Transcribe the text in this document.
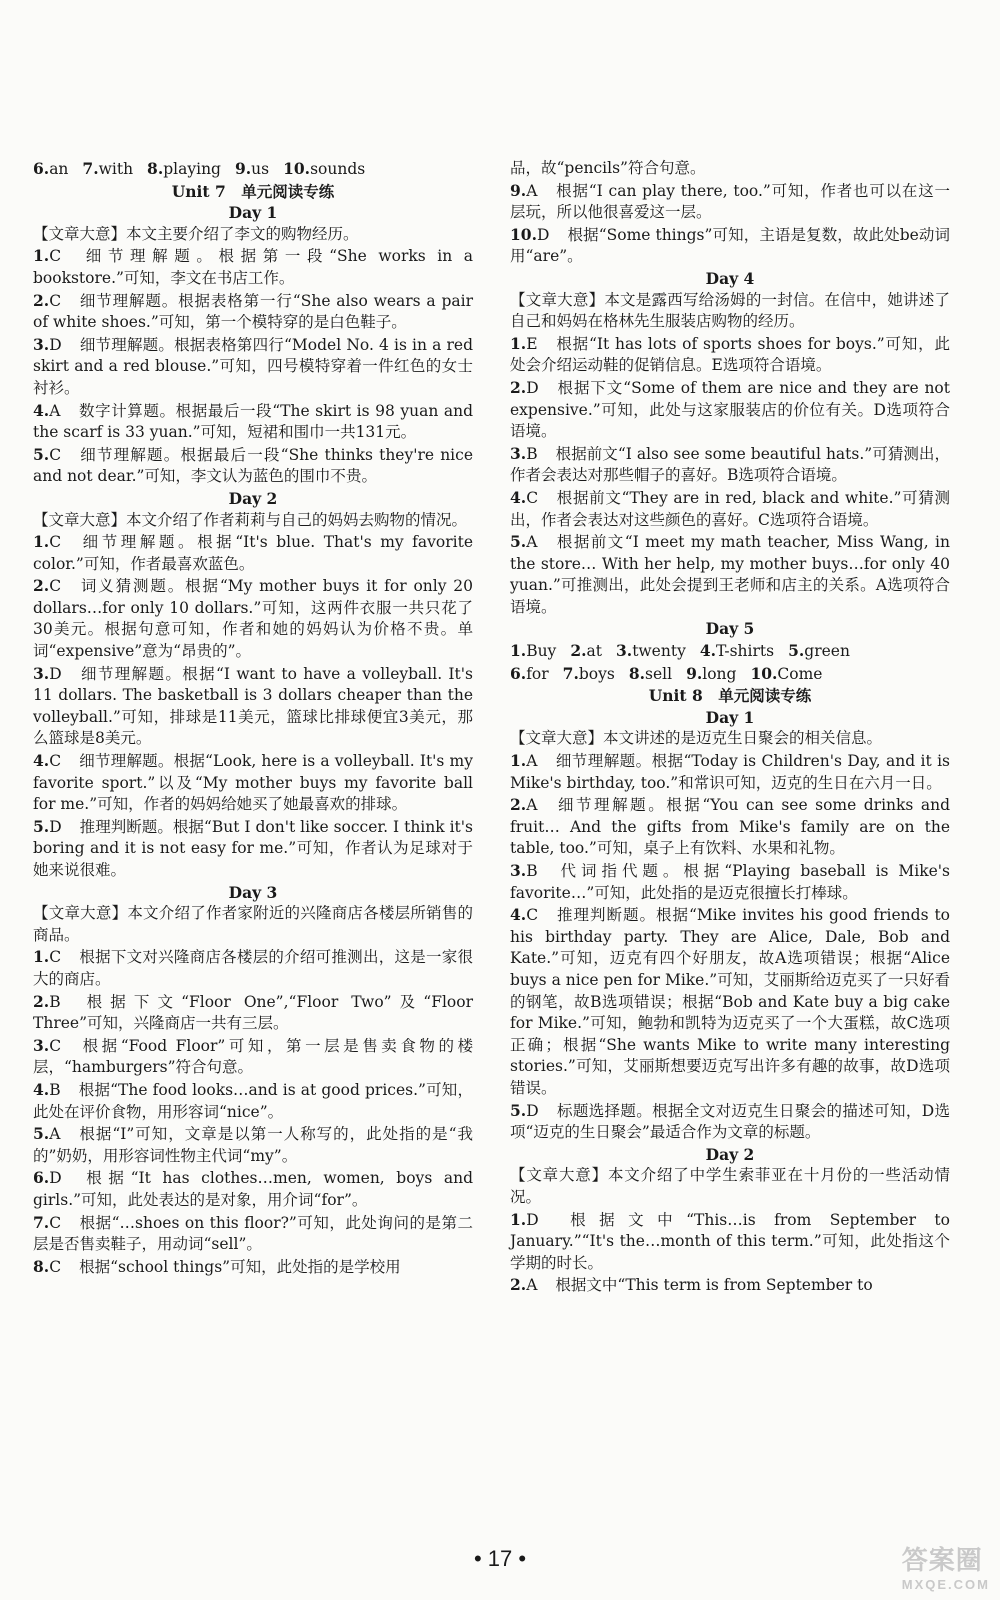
6.an 7.with 8.playing 9.us 10.sounds

Unit 7　单元阅读专练

Day 1

【文章大意】本文主要介绍了李文的购物经历。

1.C 细节理解题。根据第一段“She works in a bookstore.”可知，李文在书店工作。

2.C 细节理解题。根据表格第一行“She also wears a pair of white shoes.”可知，第一个模特穿的是白色鞋子。

3.D 细节理解题。根据表格第四行“Model No. 4 is in a red skirt and a red blouse.”可知，四号模特穿着一件红色的女士衬衫。

4.A 数字计算题。根据最后一段“The skirt is 98 yuan and the scarf is 33 yuan.”可知，短裙和围巾一共131元。

5.C 细节理解题。根据最后一段“She thinks they're nice and not dear.”可知，李文认为蓝色的围巾不贵。

Day 2

【文章大意】本文介绍了作者莉莉与自己的妈妈去购物的情况。

1.C 细节理解题。根据“It's blue. That's my favorite color.”可知，作者最喜欢蓝色。

2.C 词义猜测题。根据“My mother buys it for only 20 dollars…for only 10 dollars.”可知，这两件衣服一共只花了30美元。根据句意可知，作者和她的妈妈认为价格不贵。单词“expensive”意为“昂贵的”。

3.D 细节理解题。根据“I want to have a volleyball. It's 11 dollars. The basketball is 3 dollars cheaper than the volleyball.”可知，排球是11美元，篮球比排球便宜3美元，那么篮球是8美元。

4.C 细节理解题。根据“Look, here is a volleyball. It's my favorite sport.”以及“My mother buys my favorite ball for me.”可知，作者的妈妈给她买了她最喜欢的排球。

5.D 推理判断题。根据“But I don't like soccer. I think it's boring and it is not easy for me.”可知，作者认为足球对于她来说很难。

Day 3

【文章大意】本文介绍了作者家附近的兴隆商店各楼层所销售的商品。

1.C 根据下文对兴隆商店各楼层的介绍可推测出，这是一家很大的商店。

2.B 根据下文“Floor One”,“Floor Two”及“Floor Three”可知，兴隆商店一共有三层。

3.C 根据“Food Floor”可知，第一层是售卖食物的楼层，“hamburgers”符合句意。

4.B 根据“The food looks…and is at good prices.”可知，此处在评价食物，用形容词“nice”。

5.A 根据“I”可知，文章是以第一人称写的，此处指的是“我的”奶奶，用形容词性物主代词“my”。

6.D 根据“It has clothes…men, women, boys and girls.”可知，此处表达的是对象，用介词“for”。

7.C 根据“…shoes on this floor?”可知，此处询问的是第二层是否售卖鞋子，用动词“sell”。

8.C 根据“school things”可知，此处指的是学校用

品，故“pencils”符合句意。

9.A 根据“I can play there, too.”可知，作者也可以在这一层玩，所以他很喜爱这一层。

10.D 根据“Some things”可知，主语是复数，故此处be动词用“are”。

Day 4

【文章大意】本文是露西写给汤姆的一封信。在信中，她讲述了自己和妈妈在格林先生服装店购物的经历。

1.E 根据“It has lots of sports shoes for boys.”可知，此处会介绍运动鞋的促销信息。E选项符合语境。

2.D 根据下文“Some of them are nice and they are not expensive.”可知，此处与这家服装店的价位有关。D选项符合语境。

3.B 根据前文“I also see some beautiful hats.”可猜测出，作者会表达对那些帽子的喜好。B选项符合语境。

4.C 根据前文“They are in red, black and white.”可猜测出，作者会表达对这些颜色的喜好。C选项符合语境。

5.A 根据前文“I meet my math teacher, Miss Wang, in the store… With her help, my mother buys…for only 40 yuan.”可推测出，此处会提到王老师和店主的关系。A选项符合语境。

Day 5

1.Buy 2.at 3.twenty 4.T-shirts 5.green

6.for 7.boys 8.sell 9.long 10.Come

Unit 8　单元阅读专练

Day 1

【文章大意】本文讲述的是迈克生日聚会的相关信息。

1.A 细节理解题。根据“Today is Children's Day, and it is Mike's birthday, too.”和常识可知，迈克的生日在六月一日。

2.A 细节理解题。根据“You can see some drinks and fruit… And the gifts from Mike's family are on the table, too.”可知，桌子上有饮料、水果和礼物。

3.B 代词指代题。根据“Playing baseball is Mike's favorite…”可知，此处指的是迈克很擅长打棒球。

4.C 推理判断题。根据“Mike invites his good friends to his birthday party. They are Alice, Dale, Bob and Kate.”可知，迈克有四个好朋友，故A选项错误；根据“Alice buys a nice pen for Mike.”可知，艾丽斯给迈克买了一只好看的钢笔，故B选项错误；根据“Bob and Kate buy a big cake for Mike.”可知，鲍勃和凯特为迈克买了一个大蛋糕，故C选项正确；根据“She wants Mike to write many interesting stories.”可知，艾丽斯想要迈克写出许多有趣的故事，故D选项错误。

5.D 标题选择题。根据全文对迈克生日聚会的描述可知，D选项“迈克的生日聚会”最适合作为文章的标题。

Day 2

【文章大意】本文介绍了中学生索菲亚在十月份的一些活动情况。

1.D 根据文中“This…is from September to January.”“It's the…month of this term.”可知，此处指这个学期的时长。

2.A 根据文中“This term is from September to

• 17 •	答案圈
MXQE.COM
